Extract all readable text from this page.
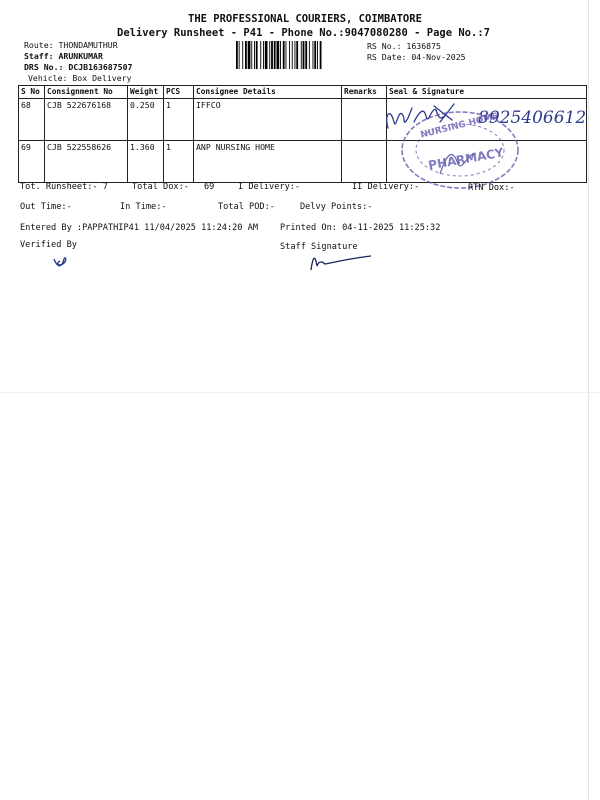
THE PROFESSIONAL COURIERS, COIMBATORE
Delivery Runsheet - P41 - Phone No.:9047080280 - Page No.:7
Route: THONDAMUTHUR
Staff: ARUNKUMAR
DRS No.: DCJB163687507
Vehicle: Box Delivery
RS No.: 1636875
RS Date: 04-Nov-2025
S No	Consignment No	Weight	PCS	Consignee Details	Remarks	Seal & Signature
68	CJB 522676168	0.250	1	IFFCO		
69	CJB 522558626	1.360	1	ANP NURSING HOME		
8925406612
NURSING HOME
PHARMACY
Tot. Runsheet:- 7	Total Dox:- 69	I Delivery:-	II Delivery:-	RTN Dox:-
Out Time:-	In Time:-	Total POD:-	Delvy Points:-
Entered By :PAPPATHIP41 11/04/2025 11:24:20 AM	Printed On: 04-11-2025 11:25:32
Verified By	Staff Signature
